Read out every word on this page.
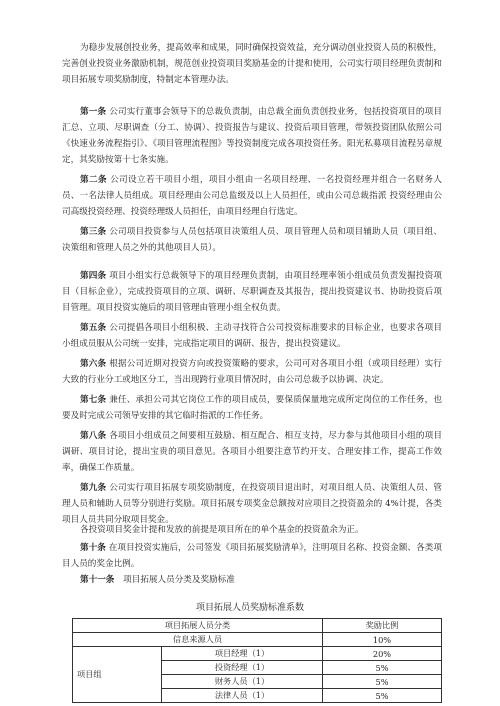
为稳步发展创投业务，提高效率和成果，同时确保投资效益，充分调动创业投资人员的积极性，完善创业投资业务激励机制，规范创业投资项目奖励基金的计提和使用，公司实行项目经理负责制和项目拓展专项奖励制度，特制定本管理办法。

第一条 公司实行董事会领导下的总裁负责制，由总裁全面负责创投业务，包括投资项目的项目汇总、立项、尽职调查（分工、协调）、投资报告与建议、投资后项目管理，带领投资团队依照公司《快速业务流程指引》、《项目管理流程图》等投资制度完成各项投资任务。阳光私募项目流程另章规定，其奖励按第十七条实施。

第二条 公司设立若干项目小组，项目小组由一名项目经理、一名投资经理并组合一名财务人员、一名法律人员组成。项目经理由公司总监级及以上人员担任，或由公司总裁指派 投资经理由公司高级投资经理、投资经理级人员担任，由项目经理自行选定。

第三条 公司项目投资参与人员包括项目决策组人员、项目管理人员和项目辅助人员（项目组、决策组和管理人员之外的其他项目人员）。

第四条 项目小组实行总裁领导下的项目经理负责制，由项目经理率领小组成员负责发掘投资项目（目标企业），完成投资项目的立项、调研、尽职调查及其报告，提出投资建议书、协助投资后项目管理。项目投资实施后的项目管理由管理小组全权负责。

第五条 公司提倡各项目小组积极、主动寻找符合公司投资标准要求的目标企业，也要求各项目小组成员服从公司统一安排，完成指定项目的调研、报告，提出投资建议。

第六条 根据公司近期对投资方向或投资策略的要求，公司可对各项目小组（或项目经理）实行大致的行业分工或地区分工，当出现跨行业项目情况时，由公司总裁予以协调、决定。

第七条 兼任、承担公司其它岗位工作的项目成员，要保质保量地完成所定岗位的工作任务，也要及时完成公司领导安排的其它临时指派的工作任务。

第八条 各项目小组成员之间要相互鼓励、相互配合、相互支持，尽力参与其他项目小组的项目调研、项目讨论，提出宝贵的项目意见。各项目小组要注意节约开支、合理安排工作，提高工作效率，确保工作质量。

第九条 公司实行项目拓展专项奖励制度，在投资项目退出时，对项目组人员、决策组人员、管理人员和辅助人员等分别进行奖励。项目拓展专项奖金总额按对应项目之投资盈余的 4%计提，各类项目人员共同分取项目奖金。

各投资项目奖金计提和发放的前提是项目所在的单个基金的投资盈余为正。

第十条 在项目投资实施后，公司签发《项目拓展奖励清单》，注明项目名称、投资金额、各类项目人员的奖金比例。

第十一条 项目拓展人员分类及奖励标准

项目拓展人员奖励标准系数
项目拓展人员分类		奖励比例
信息来源人员		10%
项目组	项目经理（1）	20%
	投资经理（1）	5%
	财务人员（1）	5%
	法律人员（1）	5%
